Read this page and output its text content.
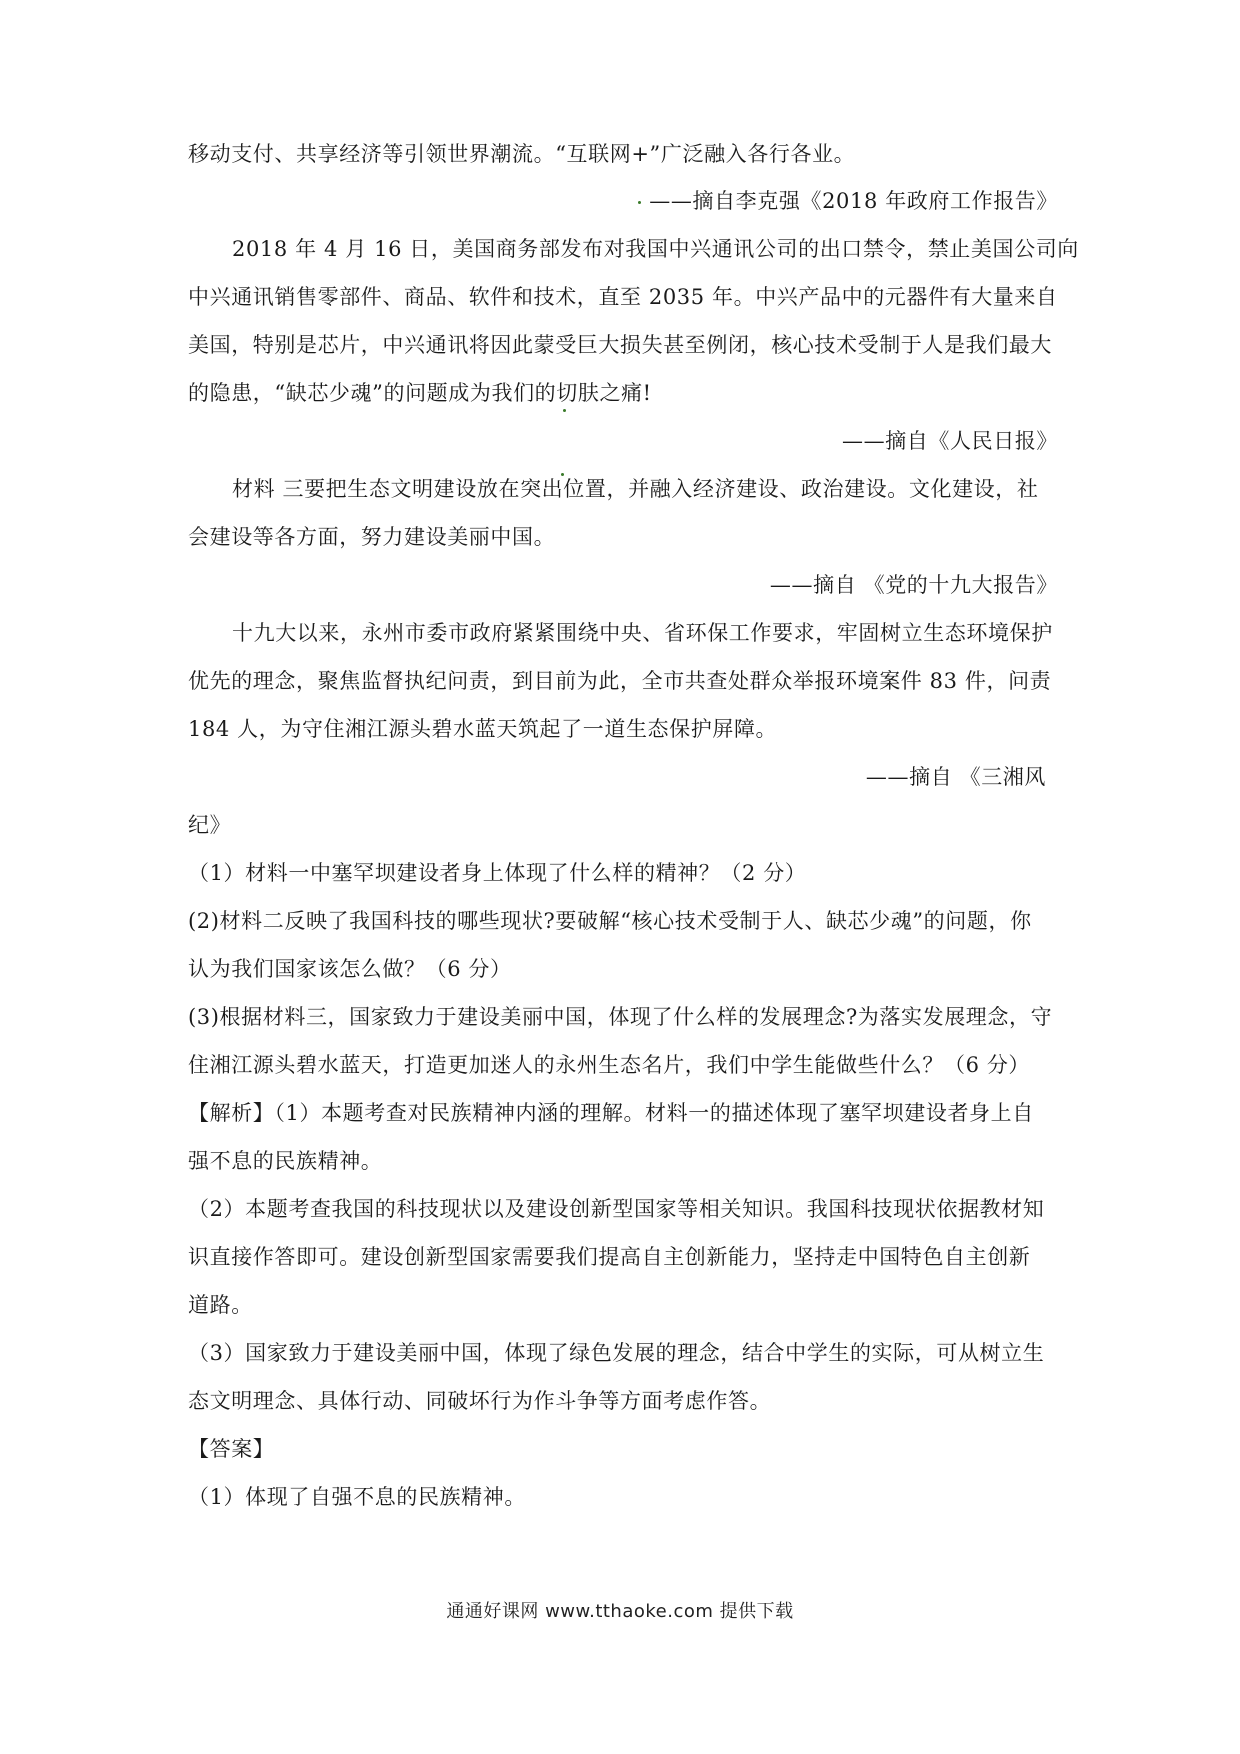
移动支付、共享经济等引领世界潮流。“互联网+”广泛融入各行各业。
——摘自李克强《2018 年政府工作报告》
2018 年 4 月 16 日，美国商务部发布对我国中兴通讯公司的出口禁令，禁止美国公司向
中兴通讯销售零部件、商品、软件和技术，直至 2035 年。中兴产品中的元器件有大量来自
美国，特别是芯片，中兴通讯将因此蒙受巨大损失甚至例闭，核心技术受制于人是我们最大
的隐患，“缺芯少魂”的问题成为我们的切肤之痛!
——摘自《人民日报》
材料 三要把生态文明建设放在突出位置，并融入经济建设、政治建设。文化建设，社
会建设等各方面，努力建设美丽中国。
——摘自 《党的十九大报告》
十九大以来，永州市委市政府紧紧围绕中央、省环保工作要求，牢固树立生态环境保护
优先的理念，聚焦监督执纪问责，到目前为此，全市共查处群众举报环境案件 83 件，问责
184 人，为守住湘江源头碧水蓝天筑起了一道生态保护屏障。
——摘自 《三湘风
纪》
（1）材料一中塞罕坝建设者身上体现了什么样的精神？（2 分）
(2)材料二反映了我国科技的哪些现状?要破解“核心技术受制于人、缺芯少魂”的问题，你
认为我们国家该怎么做？（6 分）
(3)根据材料三，国家致力于建设美丽中国，体现了什么样的发展理念?为落实发展理念，守
住湘江源头碧水蓝天，打造更加迷人的永州生态名片，我们中学生能做些什么？（6 分）
【解析】（1）本题考查对民族精神内涵的理解。材料一的描述体现了塞罕坝建设者身上自
强不息的民族精神。
（2）本题考查我国的科技现状以及建设创新型国家等相关知识。我国科技现状依据教材知
识直接作答即可。建设创新型国家需要我们提高自主创新能力，坚持走中国特色自主创新
道路。
（3）国家致力于建设美丽中国，体现了绿色发展的理念，结合中学生的实际，可从树立生
态文明理念、具体行动、同破坏行为作斗争等方面考虑作答。
【答案】
（1）体现了自强不息的民族精神。
通通好课网 www.tthaoke.com 提供下载
